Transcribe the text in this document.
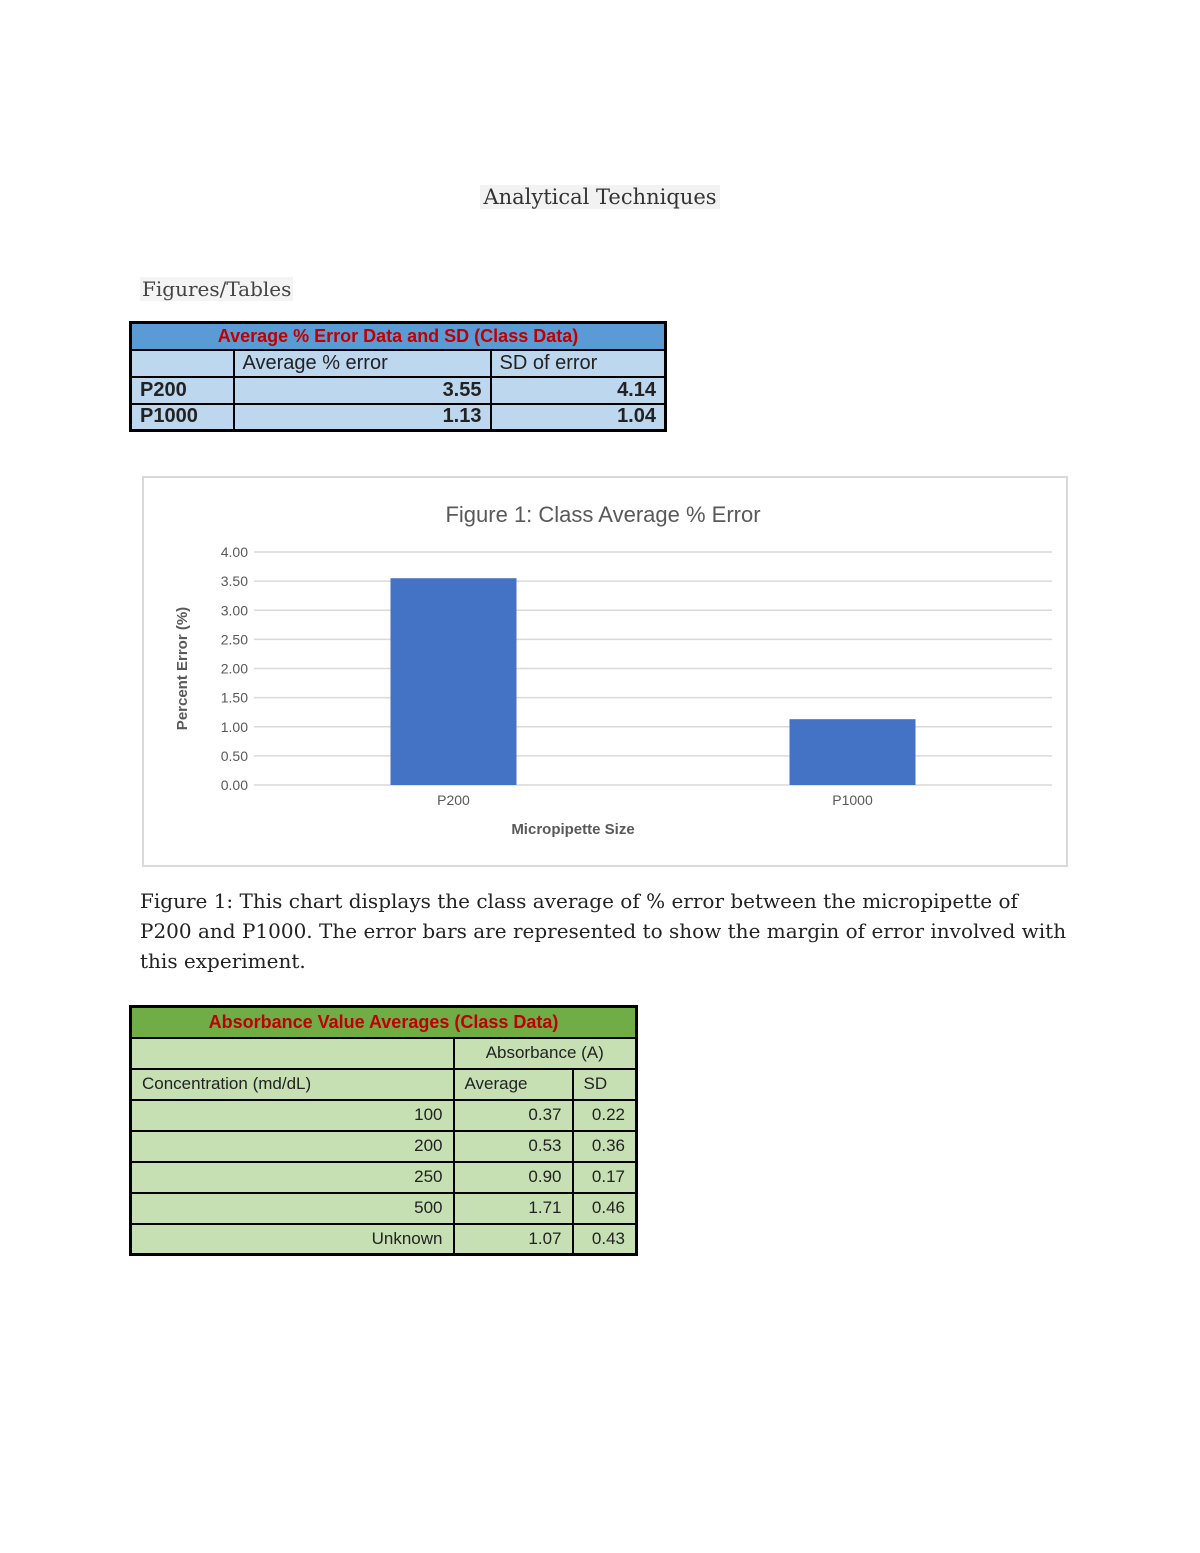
Analytical Techniques
Figures/Tables
Average % Error Data and SD (Class Data)		
	Average % error	SD of error
P200	3.55	4.14
P1000	1.13	1.04
Figure 1: Class Average % Error
0.00
0.50
1.00
1.50
2.00
2.50
3.00
3.50
4.00
P200	P1000
Micropipette Size
Percent Error (%)
Figure 1: This chart displays the class average of % error between the micropipette of P200 and P1000. The error bars are represented to show the margin of error involved with this experiment.
Absorbance Value Averages (Class Data)		
	Absorbance (A)	
Concentration (md/dL)	Average	SD
100	0.37	0.22
200	0.53	0.36
250	0.90	0.17
500	1.71	0.46
Unknown	1.07	0.43
